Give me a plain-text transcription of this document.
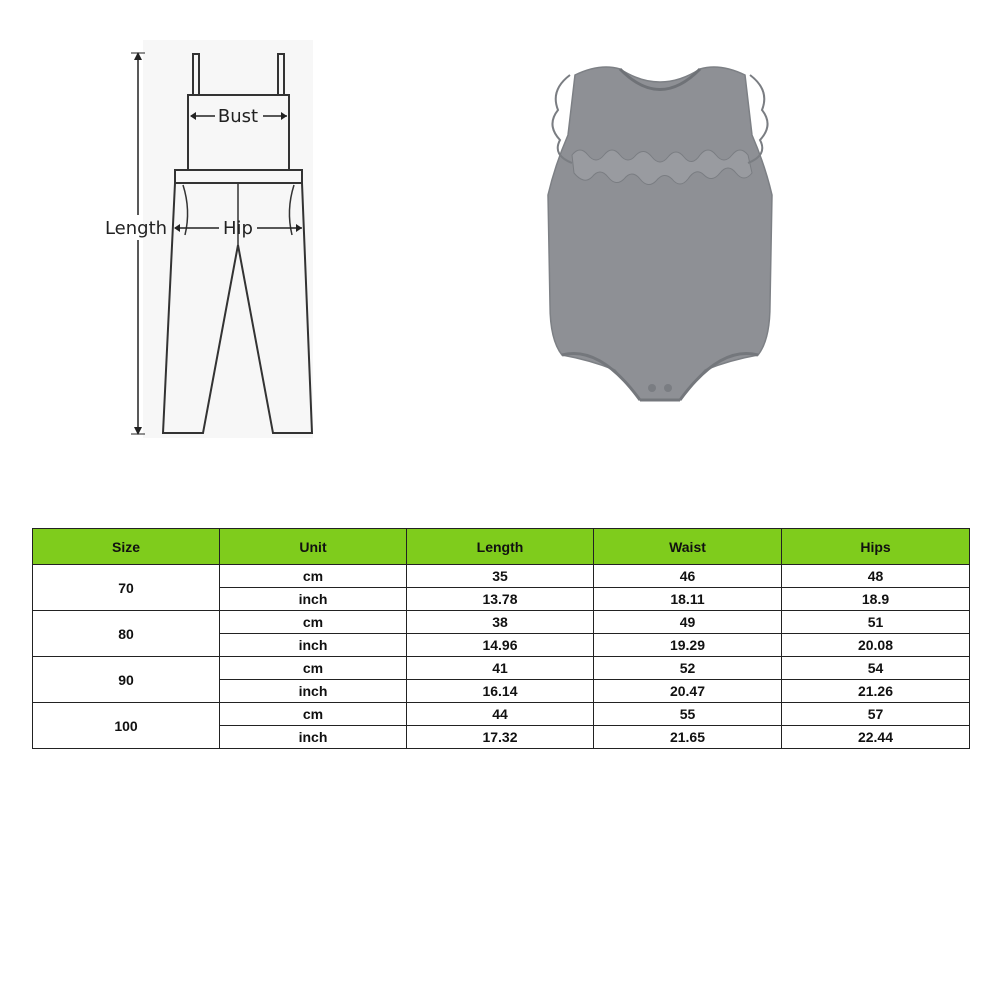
Bust
Length	Hip
Size	Unit	Length	Waist	Hips
70	cm	35	46	48
	inch	13.78	18.11	18.9
80	cm	38	49	51
	inch	14.96	19.29	20.08
90	cm	41	52	54
	inch	16.14	20.47	21.26
100	cm	44	55	57
	inch	17.32	21.65	22.44
